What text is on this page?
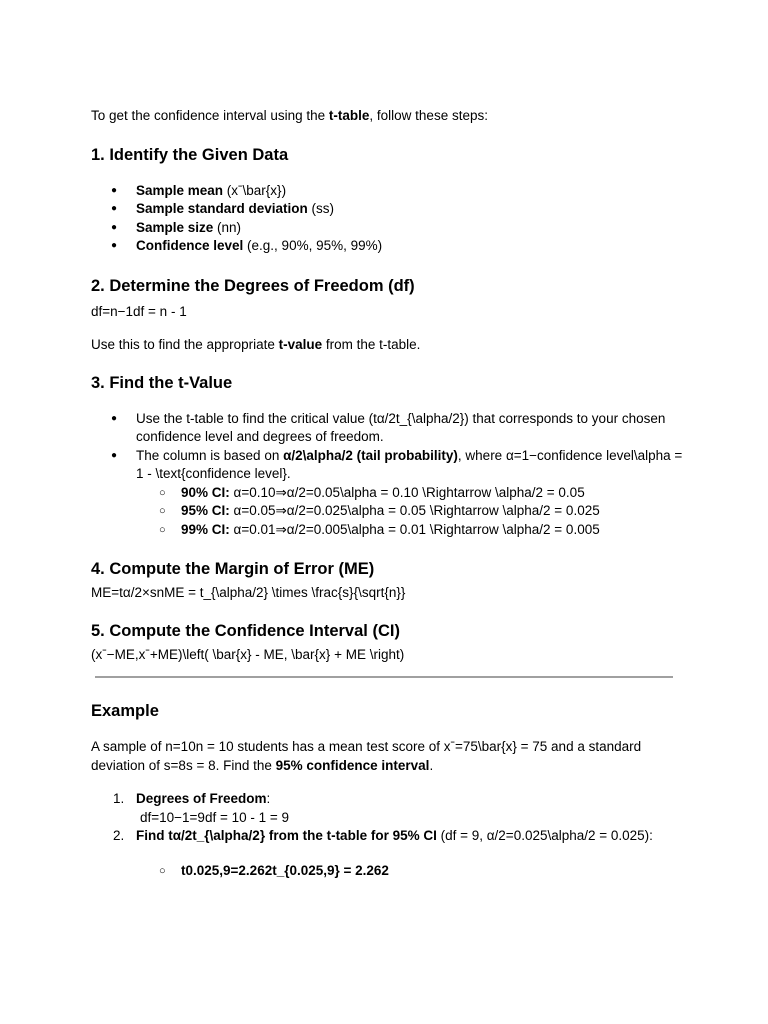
To get the confidence interval using the t-table, follow these steps:

1. Identify the Given Data
● Sample mean (xˉ\bar{x})
● Sample standard deviation (ss)
● Sample size (nn)
● Confidence level (e.g., 90%, 95%, 99%)
2. Determine the Degrees of Freedom (df)

df=n−1df = n - 1

Use this to find the appropriate t-value from the t-table.

3. Find the t-Value
● Use the t-table to find the critical value (tα/2t_{\alpha/2}) that corresponds to your chosen confidence level and degrees of freedom.
● The column is based on α/2\alpha/2 (tail probability), where α=1−confidence level\alpha = 1 - \text{confidence level}.
○ 90% CI: α=0.10⇒α/2=0.05\alpha = 0.10 \Rightarrow \alpha/2 = 0.05
○ 95% CI: α=0.05⇒α/2=0.025\alpha = 0.05 \Rightarrow \alpha/2 = 0.025
○ 99% CI: α=0.01⇒α/2=0.005\alpha = 0.01 \Rightarrow \alpha/2 = 0.005
4. Compute the Margin of Error (ME)

ME=tα/2×snME = t_{\alpha/2} \times \frac{s}{\sqrt{n}}

5. Compute the Confidence Interval (CI)

(xˉ−ME,xˉ+ME)\left( \bar{x} - ME, \bar{x} + ME \right)

Example

A sample of n=10n = 10 students has a mean test score of xˉ=75\bar{x} = 75 and a standard deviation of s=8s = 8. Find the 95% confidence interval.

1. Degrees of Freedom:
df=10−1=9df = 10 - 1 = 9
2. Find tα/2t_{\alpha/2} from the t-table for 95% CI (df = 9, α/2=0.025\alpha/2 = 0.025):
○ t0.025,9=2.262t_{0.025,9} = 2.262
